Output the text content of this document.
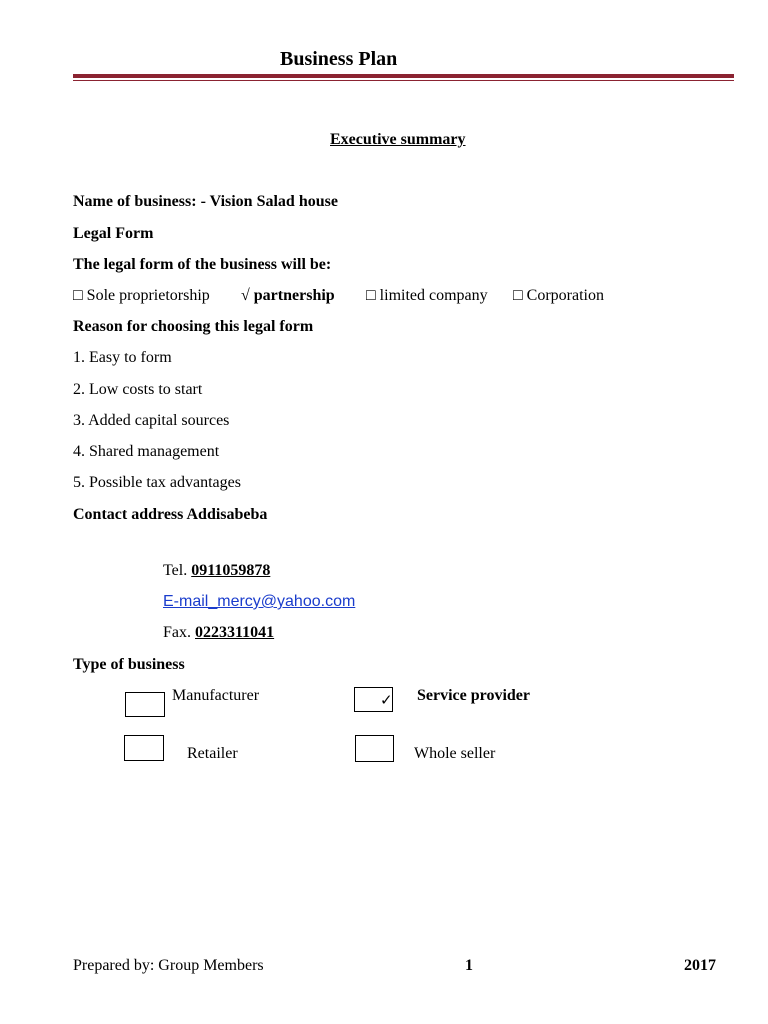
Business Plan
Executive summary
Name of business: - Vision Salad house
Legal Form
The legal form of the business will be:
□ Sole proprietorship √ partnership □ limited company □ Corporation
Reason for choosing this legal form
1. Easy to form
2. Low costs to start
3. Added capital sources
4. Shared management
5. Possible tax advantages
Contact address Addisabeba
Tel. 0911059878
E-mail_mercy@yahoo.com
Fax. 0223311041
Type of business
Manufacturer	✓ Service provider
Retailer	Whole seller
Prepared by: Group Members	1	2017
